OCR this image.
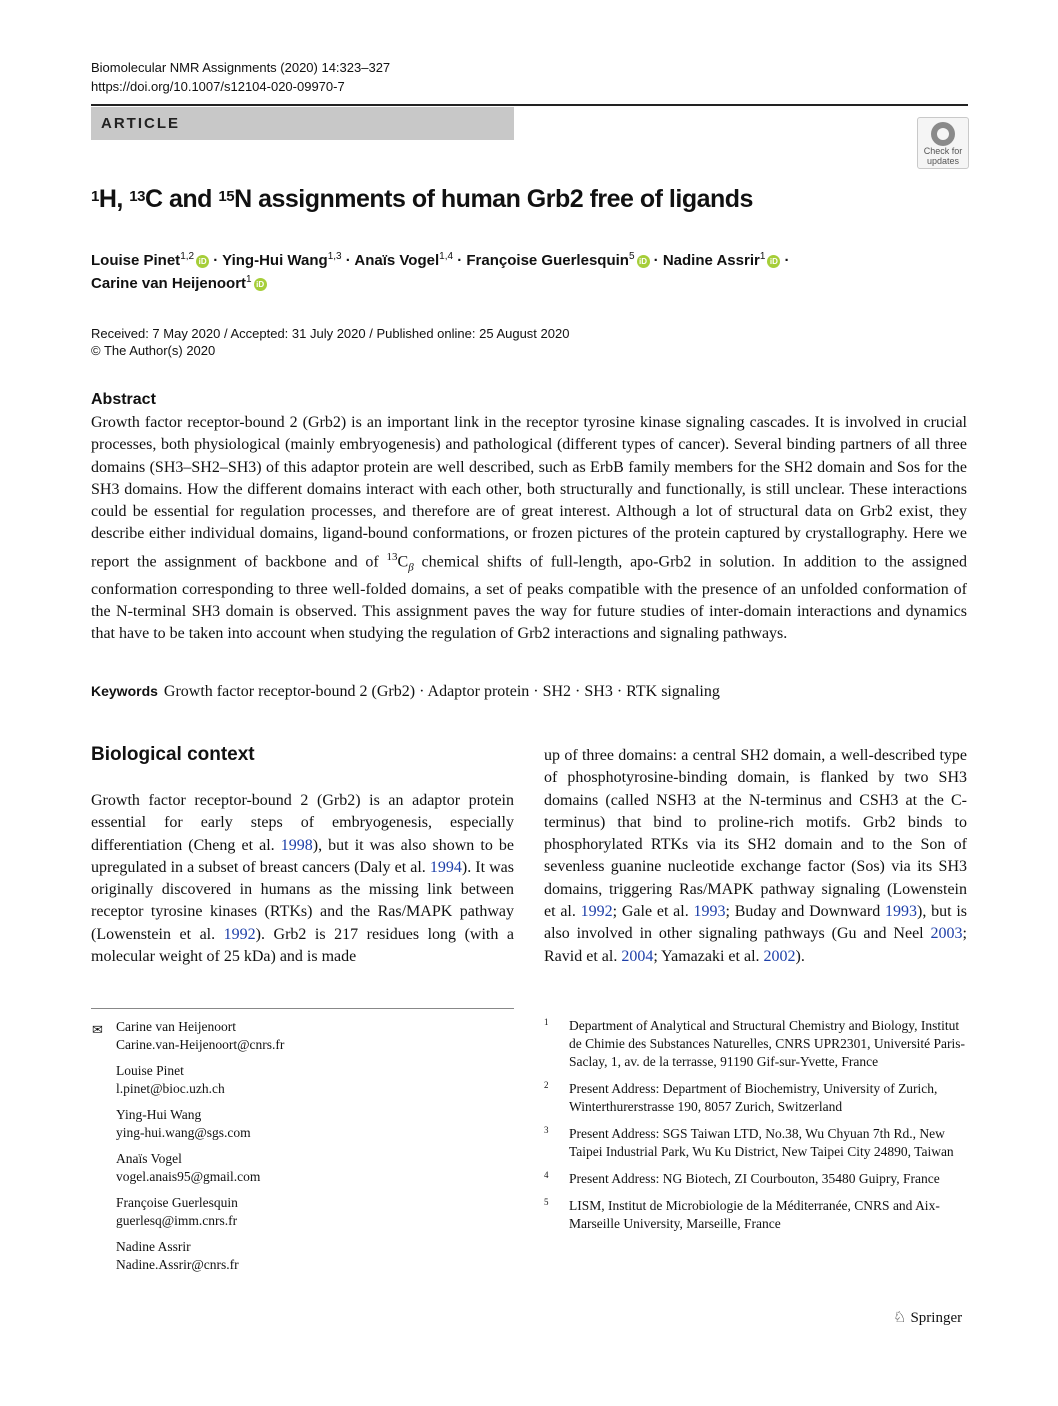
Biomolecular NMR Assignments (2020) 14:323–327
https://doi.org/10.1007/s12104-020-09970-7
ARTICLE
Check for
updates
$^1$H, $^{13}$C and $^{15}$N assignments of human Grb2 free of ligands
Louise Pinet$^{1,2}$ iD · Ying-Hui Wang$^{1,3}$ · Anaïs Vogel$^{1,4}$ · Françoise Guerlesquin$^5$ iD · Nadine Assrir$^1$ iD ·
Carine van Heijenoort$^1$ iD
Received: 7 May 2020 / Accepted: 31 July 2020 / Published online: 25 August 2020
© The Author(s) 2020
Abstract
Growth factor receptor-bound 2 (Grb2) is an important link in the receptor tyrosine kinase signaling cascades. It is involved in crucial processes, both physiological (mainly embryogenesis) and pathological (different types of cancer). Several binding partners of all three domains (SH3–SH2–SH3) of this adaptor protein are well described, such as ErbB family members for the SH2 domain and Sos for the SH3 domains. How the different domains interact with each other, both structurally and functionally, is still unclear. These interactions could be essential for regulation processes, and therefore are of great interest. Although a lot of structural data on Grb2 exist, they describe either individual domains, ligand-bound conformations, or frozen pictures of the protein captured by crystallography. Here we report the assignment of backbone and of $^{13}C_\beta$ chemical shifts of full-length, apo-Grb2 in solution. In addition to the assigned conformation corresponding to three well-folded domains, a set of peaks compatible with the presence of an unfolded conformation of the N-terminal SH3 domain is observed. This assignment paves the way for future studies of inter-domain interactions and dynamics that have to be taken into account when studying the regulation of Grb2 interactions and signaling pathways.
Keywords Growth factor receptor-bound 2 (Grb2) · Adaptor protein · SH2 · SH3 · RTK signaling
Biological context
Growth factor receptor-bound 2 (Grb2) is an adaptor protein essential for early steps of embryogenesis, especially differentiation (Cheng et al. 1998), but it was also shown to be upregulated in a subset of breast cancers (Daly et al. 1994). It was originally discovered in humans as the missing link between receptor tyrosine kinases (RTKs) and the Ras/MAPK pathway (Lowenstein et al. 1992). Grb2 is 217 residues long (with a molecular weight of 25 kDa) and is made
up of three domains: a central SH2 domain, a well-described type of phosphotyrosine-binding domain, is flanked by two SH3 domains (called NSH3 at the N-terminus and CSH3 at the C-terminus) that bind to proline-rich motifs. Grb2 binds to phosphorylated RTKs via its SH2 domain and to the Son of sevenless guanine nucleotide exchange factor (Sos) via its SH3 domains, triggering Ras/MAPK pathway signaling (Lowenstein et al. 1992; Gale et al. 1993; Buday and Downward 1993), but is also involved in other signaling pathways (Gu and Neel 2003; Ravid et al. 2004; Yamazaki et al. 2002).
✉ Carine van Heijenoort
Carine.van-Heijenoort@cnrs.fr
Louise Pinet
l.pinet@bioc.uzh.ch
Ying-Hui Wang
ying-hui.wang@sgs.com
Anaïs Vogel
vogel.anais95@gmail.com
Françoise Guerlesquin
guerlesq@imm.cnrs.fr
Nadine Assrir
Nadine.Assrir@cnrs.fr
1 Department of Analytical and Structural Chemistry and Biology, Institut de Chimie des Substances Naturelles, CNRS UPR2301, Université Paris-Saclay, 1, av. de la terrasse, 91190 Gif-sur-Yvette, France
2 Present Address: Department of Biochemistry, University of Zurich, Winterthurerstrasse 190, 8057 Zurich, Switzerland
3 Present Address: SGS Taiwan LTD, No.38, Wu Chyuan 7th Rd., New Taipei Industrial Park, Wu Ku District, New Taipei City 24890, Taiwan
4 Present Address: NG Biotech, ZI Courbouton, 35480 Guipry, France
5 LISM, Institut de Microbiologie de la Méditerranée, CNRS and Aix-Marseille University, Marseille, France
♘ Springer
